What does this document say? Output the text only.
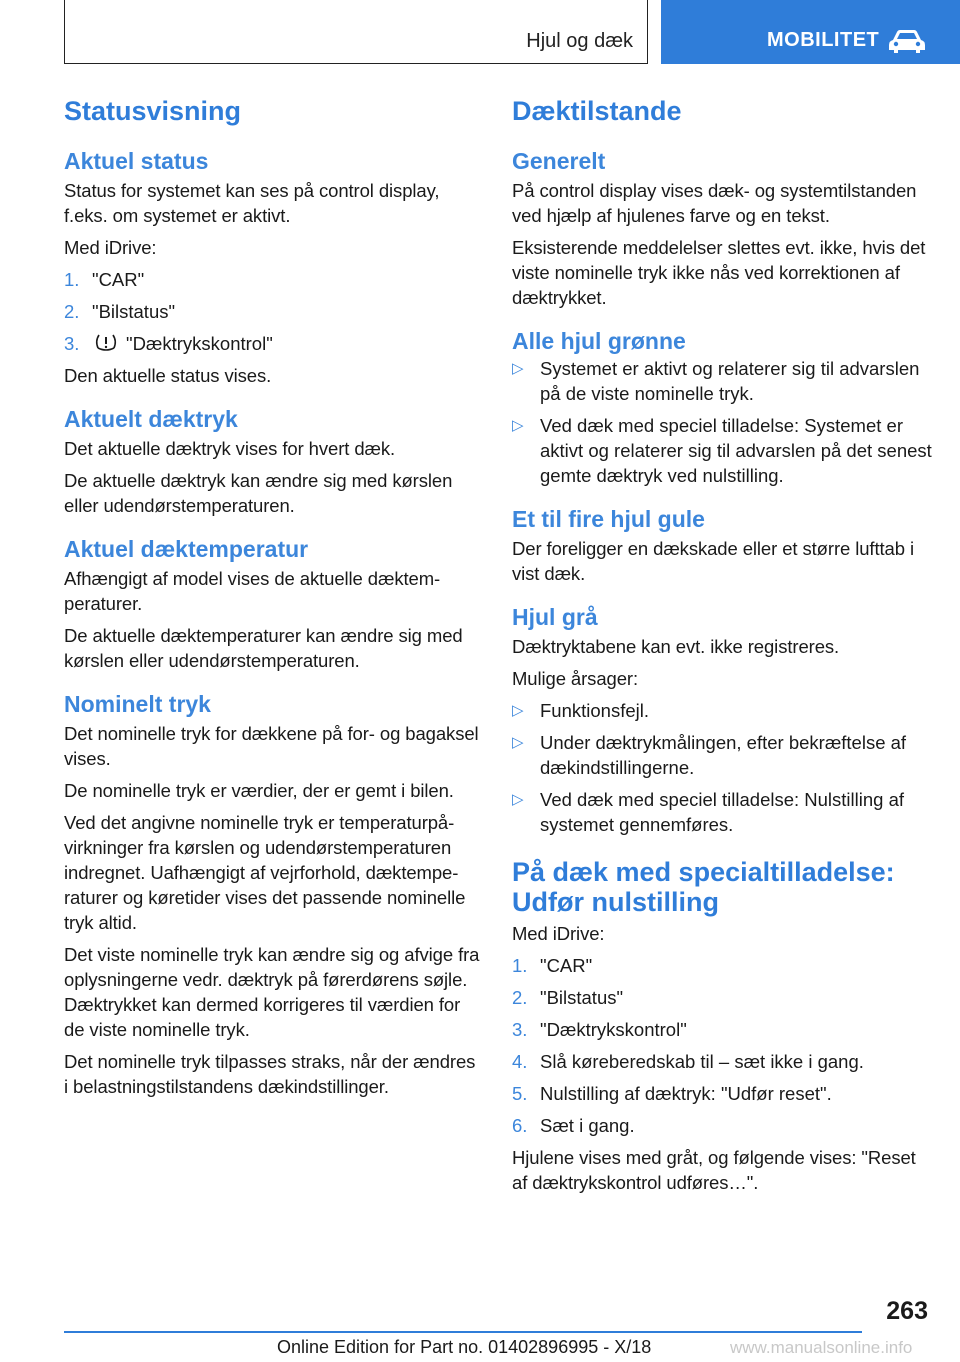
Hjul og dæk	MOBILITET
Statusvisning
Aktuel status

Status for systemet kan ses på control display, f.eks. om systemet er aktivt.

Med iDrive:

1. "CAR"
2. "Bilstatus"
3.	"Dæktrykskontrol"

Den aktuelle status vises.

Aktuelt dæktryk

Det aktuelle dæktryk vises for hvert dæk.

De aktuelle dæktryk kan ændre sig med kørslen eller udendørstemperaturen.

Aktuel dæktemperatur

Afhængigt af model vises de aktuelle dæktemperaturer.

De aktuelle dæktemperaturer kan ændre sig med kørslen eller udendørstemperaturen.

Nominelt tryk

Det nominelle tryk for dækkene på for- og bagaksel vises.

De nominelle tryk er værdier, der er gemt i bilen.

Ved det angivne nominelle tryk er temperaturpåvirkninger fra kørslen og udendørstemperaturen indregnet. Uafhængigt af vejrforhold, dæktemperaturer og køretider vises det passende nominelle tryk altid.

Det viste nominelle tryk kan ændre sig og afvige fra oplysningerne vedr. dæktryk på førerdørens søjle. Dæktrykket kan dermed korrigeres til værdien for de viste nominelle tryk.

Det nominelle tryk tilpasses straks, når der ændres i belastningstilstandens dækindstillinger.

Dæktilstande
Generelt

På control display vises dæk- og systemtilstanden ved hjælp af hjulenes farve og en tekst.

Eksisterende meddelelser slettes evt. ikke, hvis det viste nominelle tryk ikke nås ved korrektionen af dæktrykket.

Alle hjul grønne
▷ Systemet er aktivt og relaterer sig til advarslen på de viste nominelle tryk.
▷ Ved dæk med speciel tilladelse: Systemet er aktivt og relaterer sig til advarslen på det senest gemte dæktryk ved nulstilling.
Et til fire hjul gule

Der foreligger en dækskade eller et større lufttab i vist dæk.

Hjul grå

Dæktryktabene kan evt. ikke registreres.

Mulige årsager:

▷ Funktionsfejl.
▷ Under dæktrykmålingen, efter bekræftelse af dækindstillingerne.
▷ Ved dæk med speciel tilladelse: Nulstilling af systemet gennemføres.
På dæk med specialtilladelse: Udfør nulstilling

Med iDrive:

1. "CAR"
2. "Bilstatus"
3. "Dæktrykskontrol"
4. Slå køreberedskab til – sæt ikke i gang.
5. Nulstilling af dæktryk: "Udfør reset".
6. Sæt i gang.

Hjulene vises med gråt, og følgende vises: "Reset af dæktrykskontrol udføres…".

263
Online Edition for Part no. 01402896995 - X/18	www.manualsonline.info
